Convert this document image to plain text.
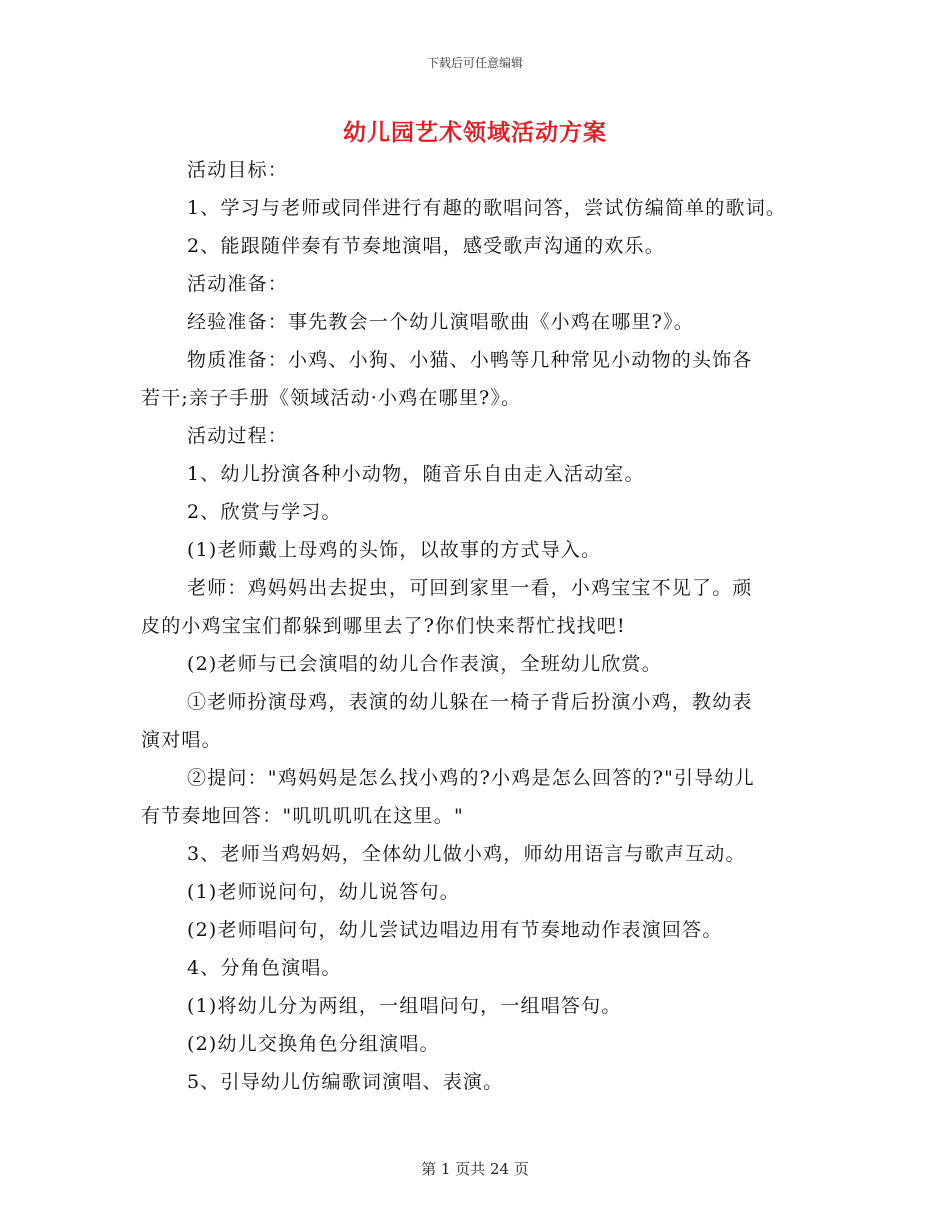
下载后可任意编辑
幼儿园艺术领域活动方案

活动目标：

1、学习与老师或同伴进行有趣的歌唱问答，尝试仿编简单的歌词。

2、能跟随伴奏有节奏地演唱，感受歌声沟通的欢乐。

活动准备：

经验准备：事先教会一个幼儿演唱歌曲《小鸡在哪里?》。

物质准备：小鸡、小狗、小猫、小鸭等几种常见小动物的头饰各

若干;亲子手册《领域活动·小鸡在哪里?》。

活动过程：

1、幼儿扮演各种小动物，随音乐自由走入活动室。

2、欣赏与学习。

(1)老师戴上母鸡的头饰，以故事的方式导入。

老师：鸡妈妈出去捉虫，可回到家里一看，小鸡宝宝不见了。顽

皮的小鸡宝宝们都躲到哪里去了?你们快来帮忙找找吧!

(2)老师与已会演唱的幼儿合作表演，全班幼儿欣赏。

①老师扮演母鸡，表演的幼儿躲在一椅子背后扮演小鸡，教幼表

演对唱。

②提问："鸡妈妈是怎么找小鸡的?小鸡是怎么回答的?"引导幼儿

有节奏地回答："叽叽叽叽在这里。"

3、老师当鸡妈妈，全体幼儿做小鸡，师幼用语言与歌声互动。

(1)老师说问句，幼儿说答句。

(2)老师唱问句，幼儿尝试边唱边用有节奏地动作表演回答。

4、分角色演唱。

(1)将幼儿分为两组，一组唱问句，一组唱答句。

(2)幼儿交换角色分组演唱。

5、引导幼儿仿编歌词演唱、表演。

第 1 页共 24 页
